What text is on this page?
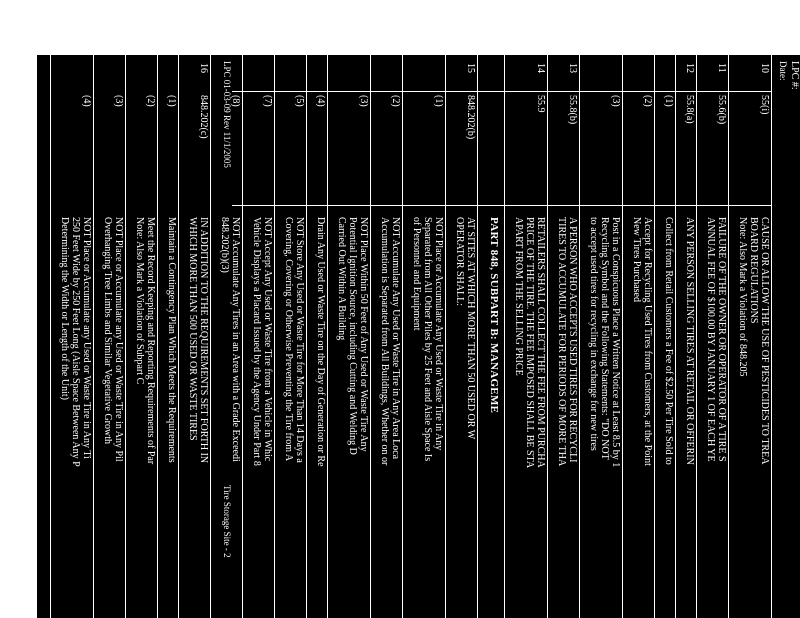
LPC #:
Date:
10
55(i)
CAUSE OR ALLOW THE USE OF PESTICIDES TO TREA
BOARD REGULATIONS
Note: Also Mark a Violation of 848.205
11
55.6(b)
FAILURE OF THE OWNER OR OPERATOR OF A TIRE S
ANNUAL FEE OF $100.00 BY JANUARY 1 OF EACH YE
12
55.8(a)
ANY PERSON SELLING TIRES AT RETAIL OR OFFERIN
(1)
Collect from Retail Customers a Fee of $2.50 Per Tire Sold to
(2)
Accept for Recycling Used Tires from Customers, at the Point
New Tires Purchased
(3)
Post in a Conspicuous Place a Written Notice at Least 8.5 by 1
Recycling Symbol and the Following Statements: "DO NOT
to accept used tires for recycling in exchange for new tires
13
55.8(b)
A PERSON WHO ACCEPTS USED TIRES FOR RECYCLI
TIRES TO ACCUMULATE FOR PERIODS OF MORE THA
14
55.9
RETAILERS SHALL COLLECT THE FEE FROM PURCHA
PRICE OF THE TIRE. THE FEE IMPOSED SHALL BE STA
APART FROM THE SELLING PRICE
PART 848, SUBPART B: MANAGEME
15
848.202(b)
AT SITES AT WHICH MORE THAN 50 USED OR W
OPERATOR SHALL:
(1)
NOT Place or Accumulate Any Used or Waste Tire in Any
Separated from All Other Piles by 25 Feet and Aisle Space Is
of Personnel and Equipment
(2)
NOT Accumulate Any Used or Waste Tire in Any Area Loca
Accumulation is Separated from All Buildings, Whether on or
(3)
NOT Place Within 50 Feet of Any Used or Waste Tire Any
Potential Ignition Source, including Cutting and Welding D
Carried Out Within A Building
(4)
Drain Any Used or Waste Tire on the Day of Generation or Re
(5)
NOT Store Any Used or Waste Tire for More Than 14 Days a
Covering, Covering or Otherwise Preventing the Tire from A
(7)
NOT Accept Any Used or Waste Tire from a Vehicle in Whic
Vehicle Displays a Placard Issued by the Agency Under Part 8
(8)
NOT Accumulate Any Tires in an Area with a Grade Exceedi
848.202(b)(3)
16
848.202(c)
IN ADDITION TO THE REQUIREMENTS SET FORTH IN
WHICH MORE THAN 500 USED OR WASTE TIRES
(1)
Maintain a Contingency Plan Which Meets the Requirements
(2)
Meet the Record Keeping and Reporting Requirements of Par
Note: Also Mark a Violation of Subpart C
(3)
NOT Place or Accumulate any Used or Waste Tire in Any Pil
Overhanging Tree Limbs and Similar Vegetative Growth
(4)
NOT Place or Accumulate any Used or Waste Tire in Any Ti
250 Feet Wide by 250 Feet Long (Aisle Space Between Any P
Determining the Width or Length of the Unit)
LPC 01-03-09 Rev 11/1/2005
Tire Storage Site - 2
